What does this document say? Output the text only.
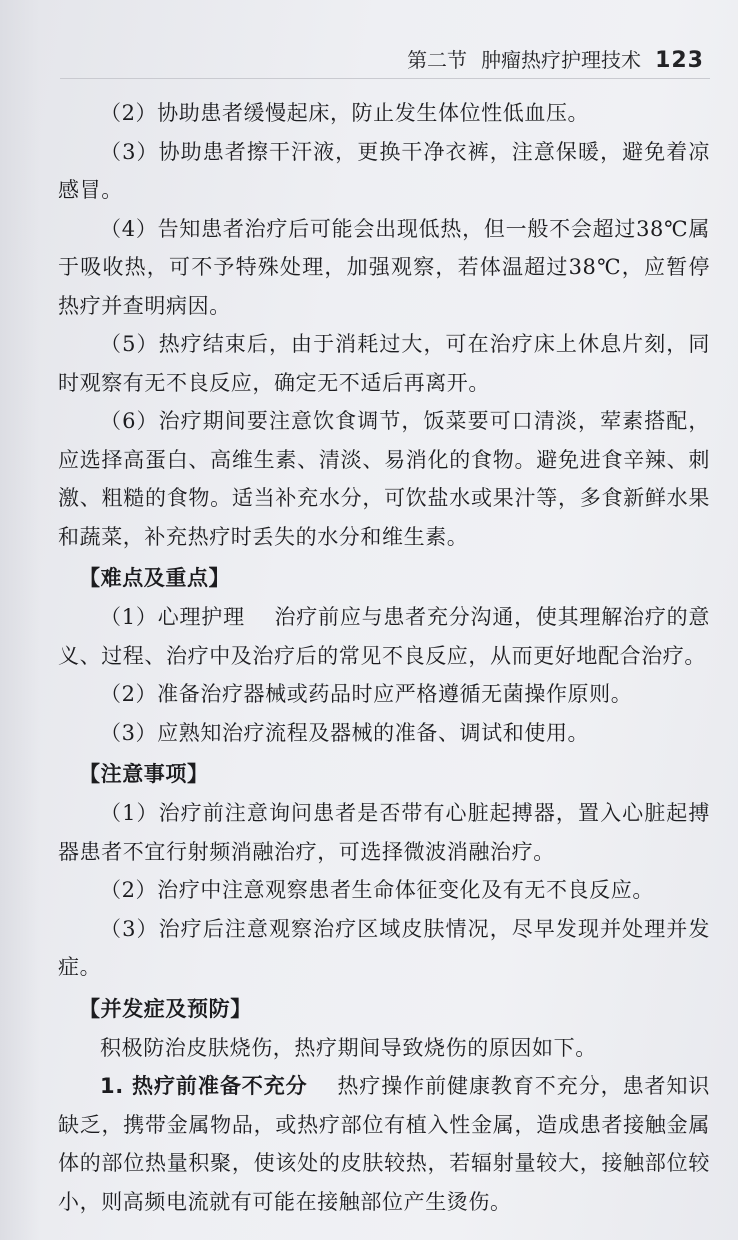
第二节 肿瘤热疗护理技术 123

（2）协助患者缓慢起床，防止发生体位性低血压。

（3）协助患者擦干汗液，更换干净衣裤，注意保暖，避免着凉感冒。

（4）告知患者治疗后可能会出现低热，但一般不会超过38℃属于吸收热，可不予特殊处理，加强观察，若体温超过38℃，应暂停热疗并查明病因。

（5）热疗结束后，由于消耗过大，可在治疗床上休息片刻，同时观察有无不良反应，确定无不适后再离开。

（6）治疗期间要注意饮食调节，饭菜要可口清淡，荤素搭配，应选择高蛋白、高维生素、清淡、易消化的食物。避免进食辛辣、刺激、粗糙的食物。适当补充水分，可饮盐水或果汁等，多食新鲜水果和蔬菜，补充热疗时丢失的水分和维生素。

【难点及重点】

（1）心理护理 治疗前应与患者充分沟通，使其理解治疗的意义、过程、治疗中及治疗后的常见不良反应，从而更好地配合治疗。

（2）准备治疗器械或药品时应严格遵循无菌操作原则。

（3）应熟知治疗流程及器械的准备、调试和使用。

【注意事项】

（1）治疗前注意询问患者是否带有心脏起搏器，置入心脏起搏器患者不宜行射频消融治疗，可选择微波消融治疗。

（2）治疗中注意观察患者生命体征变化及有无不良反应。

（3）治疗后注意观察治疗区域皮肤情况，尽早发现并处理并发症。

【并发症及预防】

积极防治皮肤烧伤，热疗期间导致烧伤的原因如下。

1. 热疗前准备不充分 热疗操作前健康教育不充分，患者知识缺乏，携带金属物品，或热疗部位有植入性金属，造成患者接触金属体的部位热量积聚，使该处的皮肤较热，若辐射量较大，接触部位较小，则高频电流就有可能在接触部位产生烫伤。
